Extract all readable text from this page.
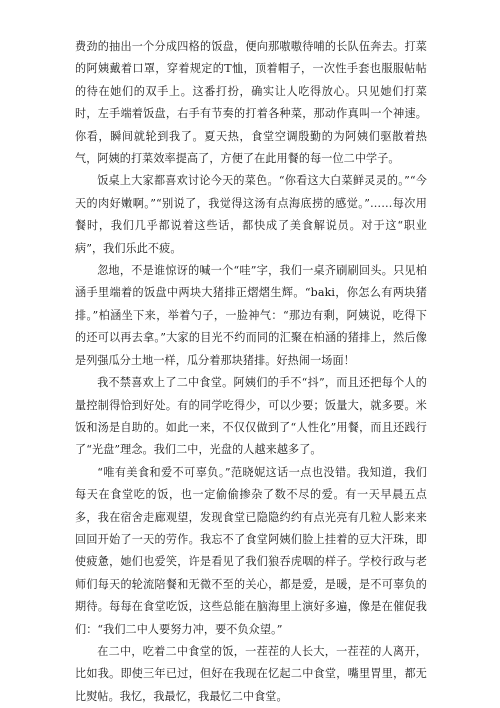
费劲的抽出一个分成四格的饭盘，便向那嗷嗷待哺的长队伍奔去。打菜的阿姨戴着口罩，穿着规定的T恤，顶着帽子，一次性手套也服服帖帖的待在她们的双手上。这番打扮，确实让人吃得放心。只见她们打菜时，左手端着饭盘，右手有节奏的打着各种菜，那动作真叫一个神速。你看，瞬间就轮到我了。夏天热，食堂空调殷勤的为阿姨们驱散着热气，阿姨的打菜效率提高了，方便了在此用餐的每一位二中学子。

饭桌上大家都喜欢讨论今天的菜色。“你看这大白菜鲜灵灵的。”“今天的肉好嫩啊。”“别说了，我觉得这汤有点海底捞的感觉。”……每次用餐时，我们几乎都说着这些话，都快成了美食解说员。对于这“职业病”，我们乐此不疲。

忽地，不是谁惊讶的喊一个“哇”字，我们一桌齐刷刷回头。只见柏涵手里端着的饭盘中两块大猪排正熠熠生辉。“baki，你怎么有两块猪排。”柏涵坐下来，举着勺子，一脸神气：“那边有剩，阿姨说，吃得下的还可以再去拿。”大家的目光不约而同的汇聚在柏涵的猪排上，然后像是列强瓜分土地一样，瓜分着那块猪排。好热闹一场面！

我不禁喜欢上了二中食堂。阿姨们的手不“抖”，而且还把每个人的量控制得恰到好处。有的同学吃得少，可以少要；饭量大，就多要。米饭和汤是自助的。如此一来，不仅仅做到了“人性化”用餐，而且还践行了“光盘”理念。我们二中，光盘的人越来越多了。

“唯有美食和爱不可辜负。”范晓妮这话一点也没错。我知道，我们每天在食堂吃的饭，也一定偷偷掺杂了数不尽的爱。有一天早晨五点多，我在宿舍走廊观望，发现食堂已隐隐约约有点光亮有几粒人影来来回回开始了一天的劳作。我忘不了食堂阿姨们脸上挂着的豆大汗珠，即使疲惫，她们也爱笑，许是看见了我们狼吞虎咽的样子。学校行政与老师们每天的轮流陪餐和无微不至的关心，都是爱，是暖，是不可辜负的期待。每每在食堂吃饭，这些总能在脑海里上演好多遍，像是在催促我们：“我们二中人要努力冲，要不负众望。”

在二中，吃着二中食堂的饭，一茬茬的人长大，一茬茬的人离开，比如我。即使三年已过，但好在我现在忆起二中食堂，嘴里胃里，都无比熨帖。我忆，我最忆，我最忆二中食堂。
